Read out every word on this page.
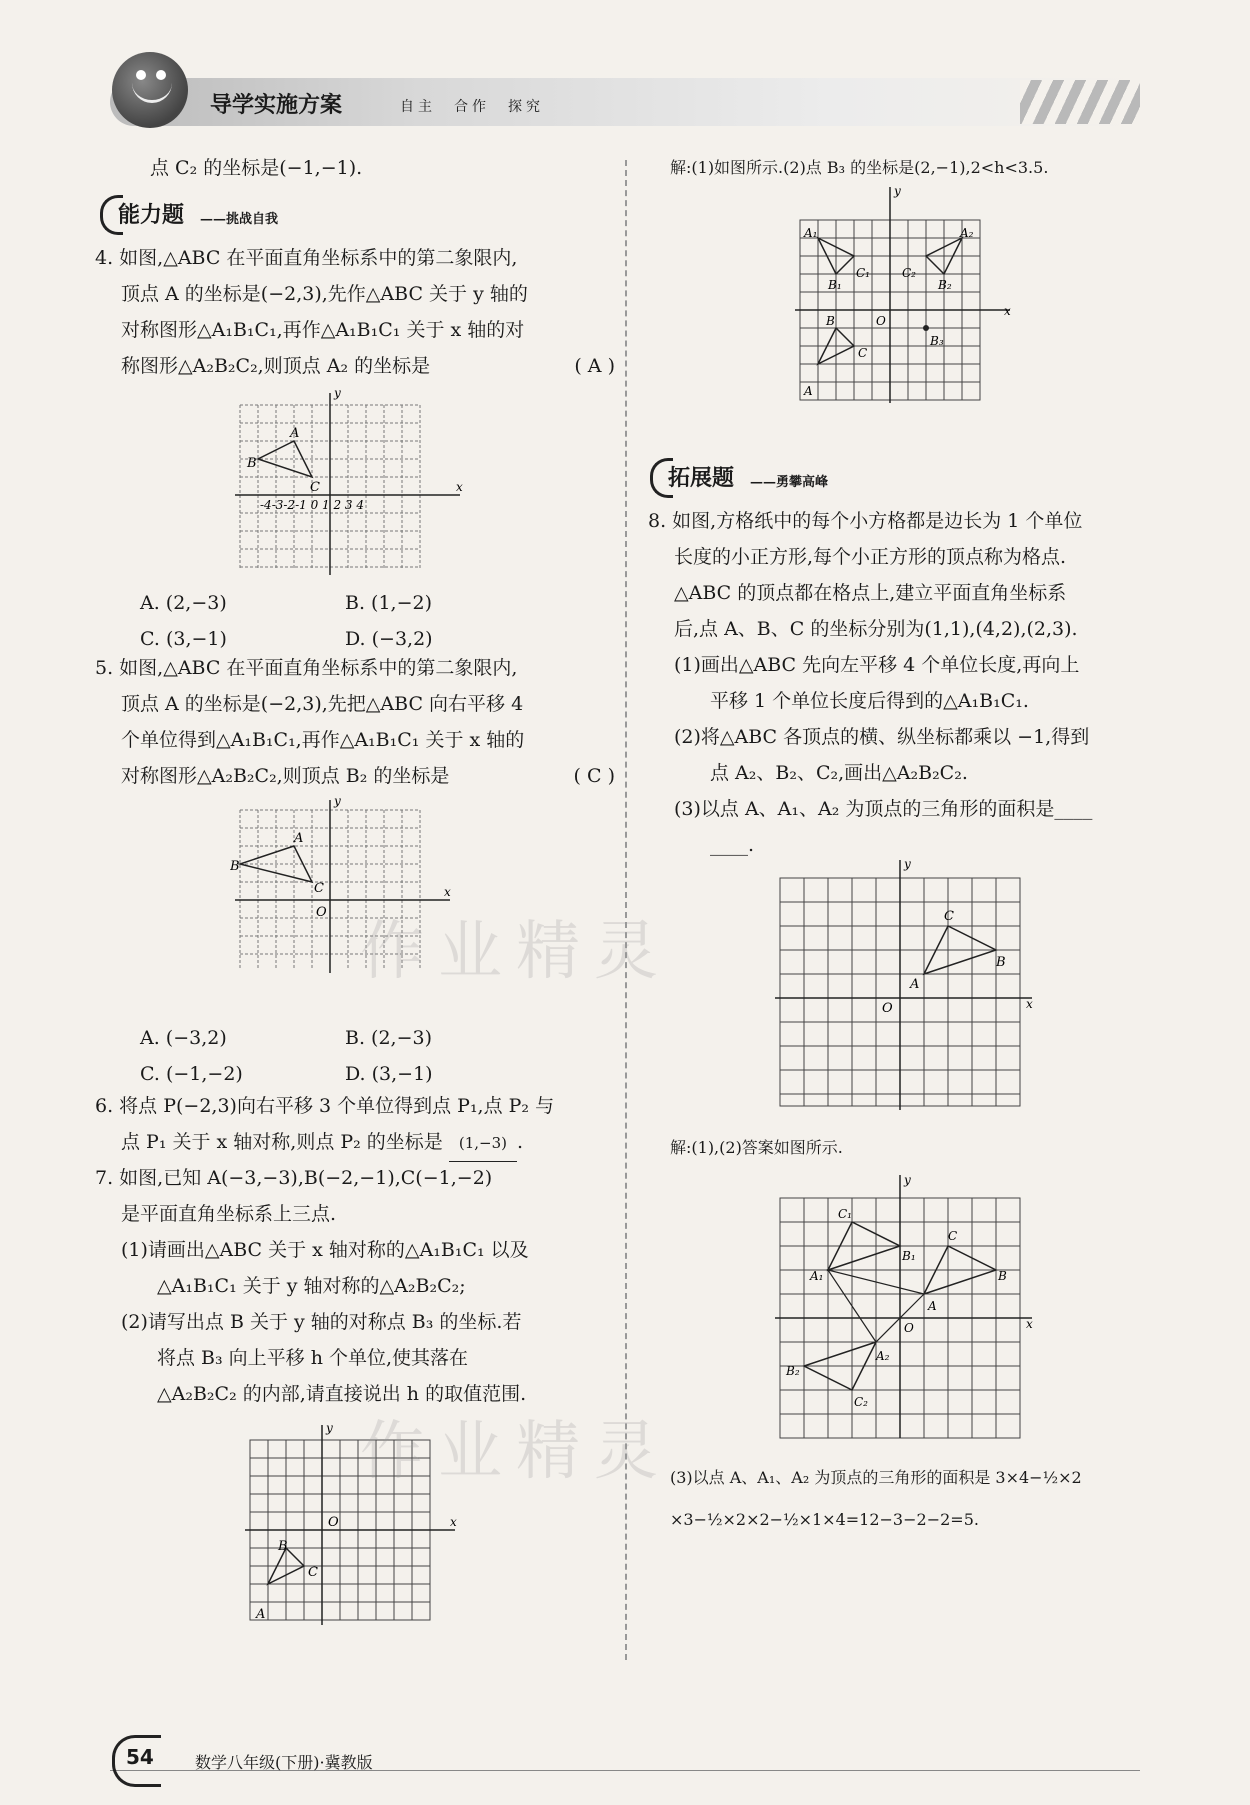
导学实施方案	自主　合作　探究
点 C₂ 的坐标是(−1,−1).
能力题 ——挑战自我
4. 如图,△ABC 在平面直角坐标系中的第二象限内,
顶点 A 的坐标是(−2,3),先作△ABC 关于 y 轴的
对称图形△A₁B₁C₁,再作△A₁B₁C₁ 关于 x 轴的对
称图形△A₂B₂C₂,则顶点 A₂ 的坐标是	( A )
A
B
C	x
y
-4-3-2-1 0 1 2 3 4
A. (2,−3)	B. (1,−2)
C. (3,−1)	D. (−3,2)
5. 如图,△ABC 在平面直角坐标系中的第二象限内,
顶点 A 的坐标是(−2,3),先把△ABC 向右平移 4
个单位得到△A₁B₁C₁,再作△A₁B₁C₁ 关于 x 轴的
对称图形△A₂B₂C₂,则顶点 B₂ 的坐标是	( C )
A
B
C
O
x
y
A. (−3,2)	B. (2,−3)
C. (−1,−2)	D. (3,−1)
6. 将点 P(−2,3)向右平移 3 个单位得到点 P₁,点 P₂ 与
点 P₁ 关于 x 轴对称,则点 P₂ 的坐标是 (1,−3) .
7. 如图,已知 A(−3,−3),B(−2,−1),C(−1,−2)
是平面直角坐标系上三点.
(1)请画出△ABC 关于 x 轴对称的△A₁B₁C₁ 以及
△A₁B₁C₁ 关于 y 轴对称的△A₂B₂C₂;
(2)请写出点 B 关于 y 轴的对称点 B₃ 的坐标.若
将点 B₃ 向上平移 h 个单位,使其落在
△A₂B₂C₂ 的内部,请直接说出 h 的取值范围.
A
B
C
O	x
y
作业精灵
作业精灵
解:(1)如图所示.(2)点 B₃ 的坐标是(2,−1),2<h<3.5.
A₁
B₁
C₁
A₂
B₂
C₂
A
B
C
B₃
O
x
y
拓展题 ——勇攀高峰
8. 如图,方格纸中的每个小方格都是边长为 1 个单位
长度的小正方形,每个小正方形的顶点称为格点.
△ABC 的顶点都在格点上,建立平面直角坐标系
后,点 A、B、C 的坐标分别为(1,1),(4,2),(2,3).
(1)画出△ABC 先向左平移 4 个单位长度,再向上
平移 1 个单位长度后得到的△A₁B₁C₁.
(2)将△ABC 各顶点的横、纵坐标都乘以 −1,得到
点 A₂、B₂、C₂,画出△A₂B₂C₂.
(3)以点 A、A₁、A₂ 为顶点的三角形的面积是____
____.
A
B
C
O	x
y
解:(1),(2)答案如图所示.
A
B
C
A₁
B₁
C₁
A₂
B₂
C₂
O	x
y
(3)以点 A、A₁、A₂ 为顶点的三角形的面积是 3×4−½×2
×3−½×2×2−½×1×4=12−3−2−2=5.
54	数学八年级(下册)·冀教版
